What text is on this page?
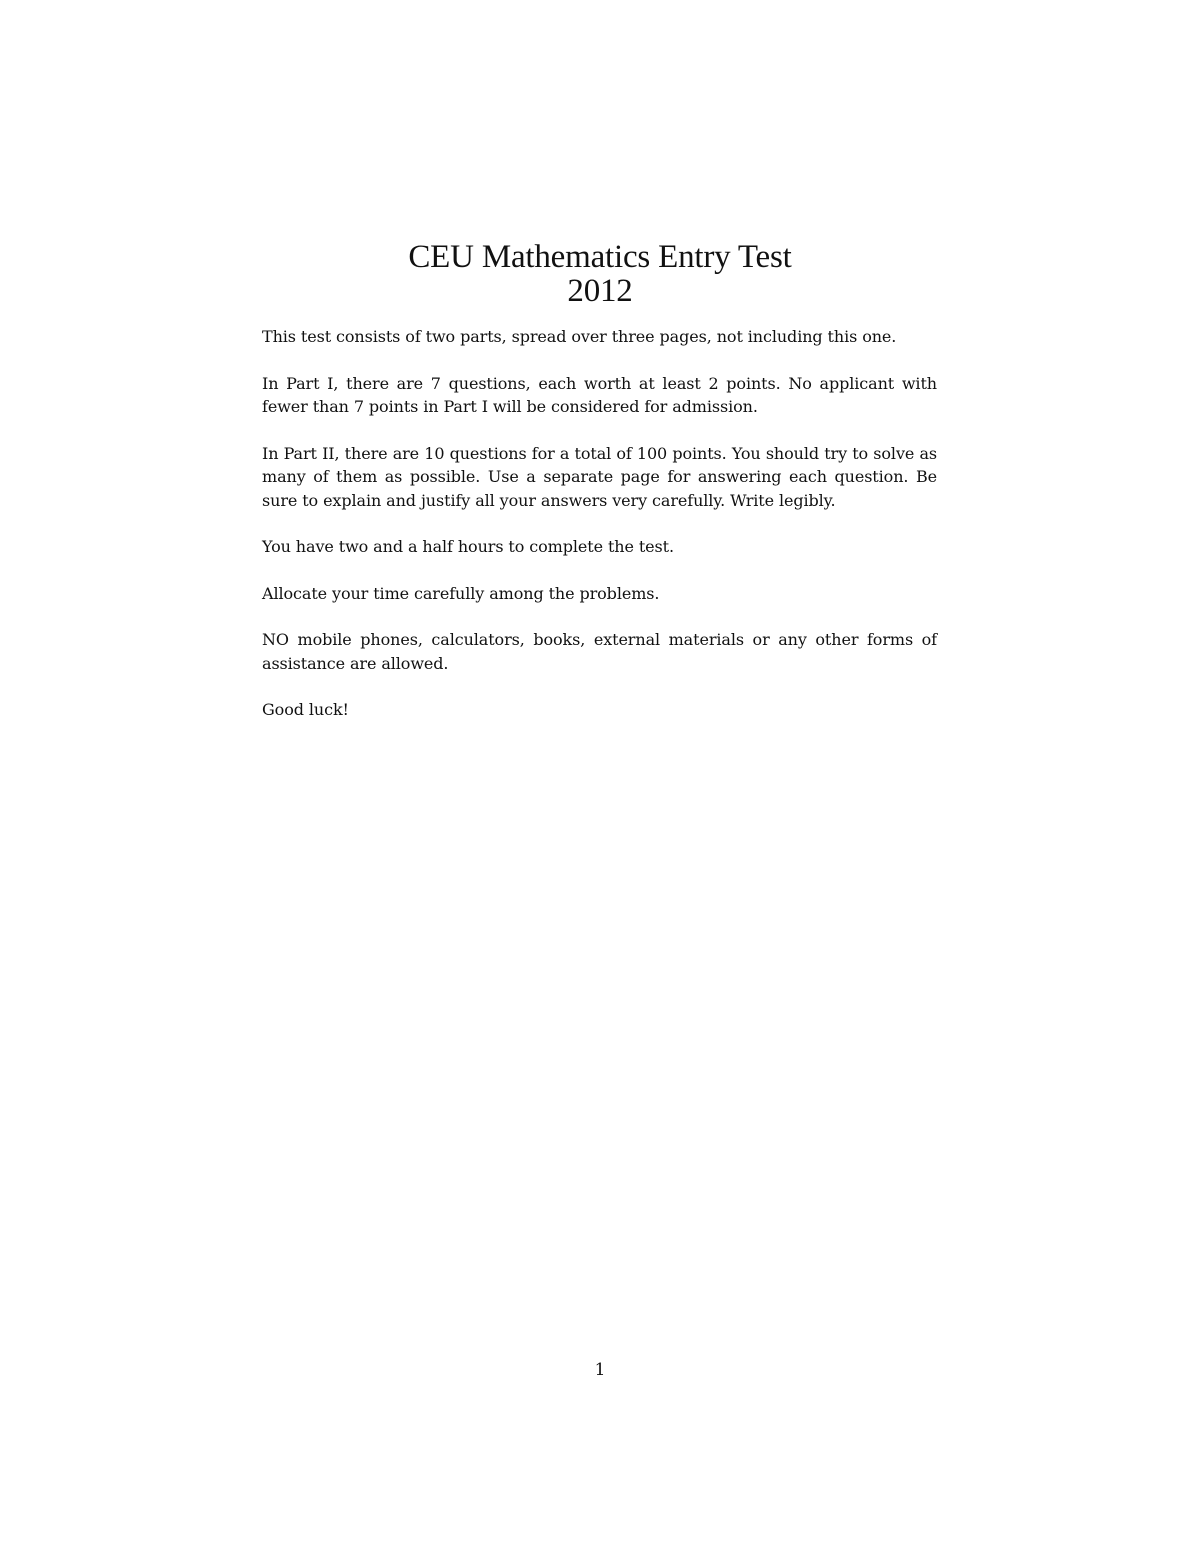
CEU Mathematics Entry Test
2012

This test consists of two parts, spread over three pages, not including this one.

In Part I, there are 7 questions, each worth at least 2 points. No applicant with fewer than 7 points in Part I will be considered for admission.

In Part II, there are 10 questions for a total of 100 points. You should try to solve as many of them as possible. Use a separate page for answering each question. Be sure to explain and justify all your answers very carefully. Write legibly.

You have two and a half hours to complete the test.

Allocate your time carefully among the problems.

NO mobile phones, calculators, books, external materials or any other forms of assistance are allowed.

Good luck!

1
